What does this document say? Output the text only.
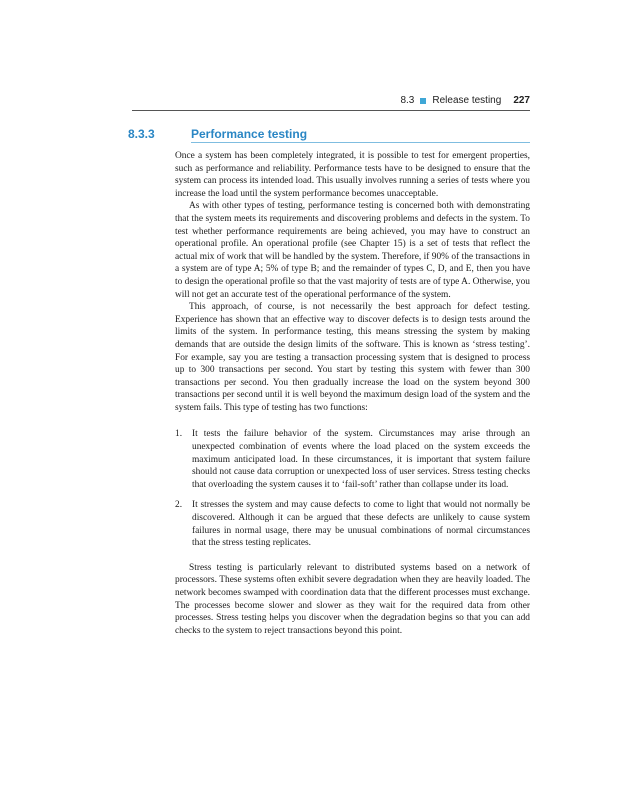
8.3 Release testing 227
8.3.3	Performance testing

Once a system has been completely integrated, it is possible to test for emergent properties, such as performance and reliability. Performance tests have to be designed to ensure that the system can process its intended load. This usually involves running a series of tests where you increase the load until the system performance becomes unacceptable.

As with other types of testing, performance testing is concerned both with demonstrating that the system meets its requirements and discovering problems and defects in the system. To test whether performance requirements are being achieved, you may have to construct an operational profile. An operational profile (see Chapter 15) is a set of tests that reflect the actual mix of work that will be handled by the system. Therefore, if 90% of the transactions in a system are of type A; 5% of type B; and the remainder of types C, D, and E, then you have to design the operational profile so that the vast majority of tests are of type A. Otherwise, you will not get an accurate test of the operational performance of the system.

This approach, of course, is not necessarily the best approach for defect testing. Experience has shown that an effective way to discover defects is to design tests around the limits of the system. In performance testing, this means stressing the system by making demands that are outside the design limits of the software. This is known as ‘stress testing’. For example, say you are testing a transaction processing system that is designed to process up to 300 transactions per second. You start by testing this system with fewer than 300 transactions per second. You then gradually increase the load on the system beyond 300 transactions per second until it is well beyond the maximum design load of the system and the system fails. This type of testing has two functions:

1.	It tests the failure behavior of the system. Circumstances may arise through an unexpected combination of events where the load placed on the system exceeds the maximum anticipated load. In these circumstances, it is important that system failure should not cause data corruption or unexpected loss of user services. Stress testing checks that overloading the system causes it to ‘fail-soft’ rather than collapse under its load.
2.	It stresses the system and may cause defects to come to light that would not normally be discovered. Although it can be argued that these defects are unlikely to cause system failures in normal usage, there may be unusual combinations of normal circumstances that the stress testing replicates.

Stress testing is particularly relevant to distributed systems based on a network of processors. These systems often exhibit severe degradation when they are heavily loaded. The network becomes swamped with coordination data that the different processes must exchange. The processes become slower and slower as they wait for the required data from other processes. Stress testing helps you discover when the degradation begins so that you can add checks to the system to reject transactions beyond this point.
